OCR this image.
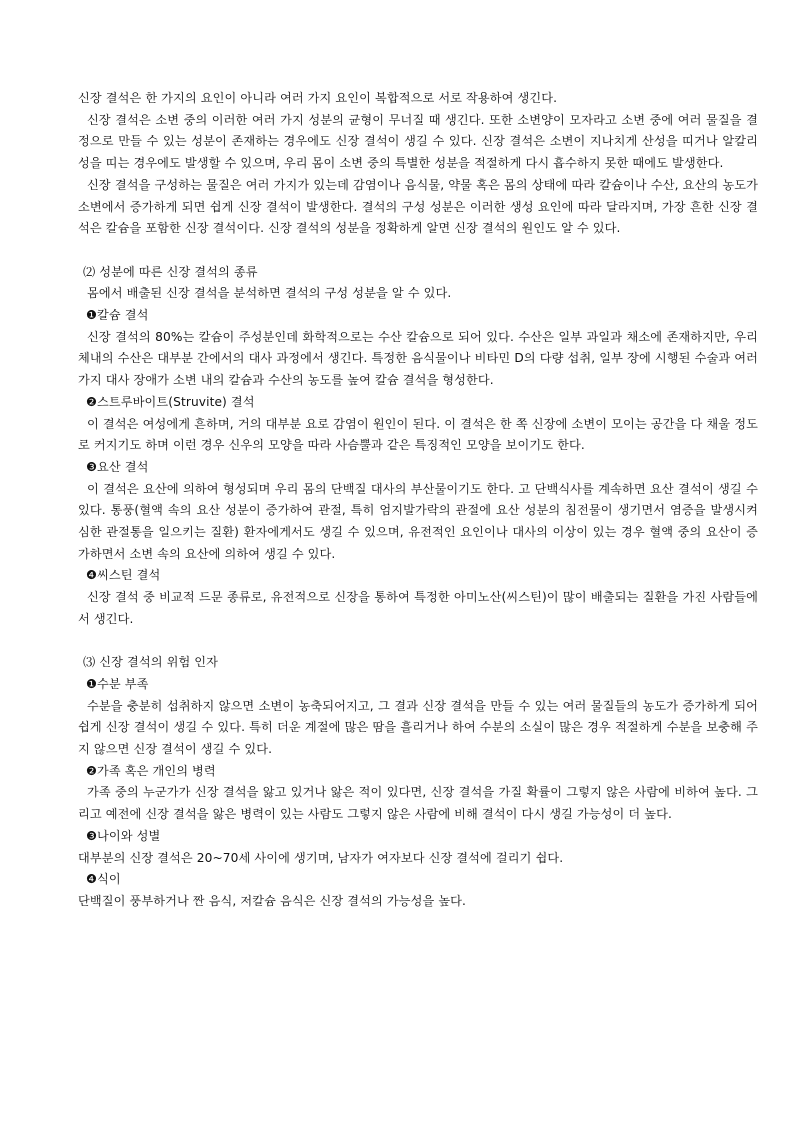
신장 결석은 한 가지의 요인이 아니라 여러 가지 요인이 복합적으로 서로 작용하여 생긴다.

신장 결석은 소변 중의 이러한 여러 가지 성분의 균형이 무너질 때 생긴다. 또한 소변양이 모자라고 소변 중에 여러 물질을 결정으로 만들 수 있는 성분이 존재하는 경우에도 신장 결석이 생길 수 있다. 신장 결석은 소변이 지나치게 산성을 띠거나 알칼리성을 띠는 경우에도 발생할 수 있으며, 우리 몸이 소변 중의 특별한 성분을 적절하게 다시 흡수하지 못한 때에도 발생한다.

신장 결석을 구성하는 물질은 여러 가지가 있는데 감염이나 음식물, 약물 혹은 몸의 상태에 따라 칼슘이나 수산, 요산의 농도가 소변에서 증가하게 되면 쉽게 신장 결석이 발생한다. 결석의 구성 성분은 이러한 생성 요인에 따라 달라지며, 가장 흔한 신장 결석은 칼슘을 포함한 신장 결석이다. 신장 결석의 성분을 정확하게 알면 신장 결석의 원인도 알 수 있다.

⑵ 성분에 따른 신장 결석의 종류

몸에서 배출된 신장 결석을 분석하면 결석의 구성 성분을 알 수 있다.

❶칼슘 결석

신장 결석의 80%는 칼슘이 주성분인데 화학적으로는 수산 칼슘으로 되어 있다. 수산은 일부 과일과 채소에 존재하지만, 우리 체내의 수산은 대부분 간에서의 대사 과정에서 생긴다. 특정한 음식물이나 비타민 D의 다량 섭취, 일부 장에 시행된 수술과 여러 가지 대사 장애가 소변 내의 칼슘과 수산의 농도를 높여 칼슘 결석을 형성한다.

❷스트루바이트(Struvite) 결석

이 결석은 여성에게 흔하며, 거의 대부분 요로 감염이 원인이 된다. 이 결석은 한 쪽 신장에 소변이 모이는 공간을 다 채울 정도로 커지기도 하며 이런 경우 신우의 모양을 따라 사슴뿔과 같은 특징적인 모양을 보이기도 한다.

❸요산 결석

이 결석은 요산에 의하여 형성되며 우리 몸의 단백질 대사의 부산물이기도 한다. 고 단백식사를 계속하면 요산 결석이 생길 수 있다. 통풍(혈액 속의 요산 성분이 증가하여 관절, 특히 엄지발가락의 관절에 요산 성분의 침전물이 생기면서 염증을 발생시켜 심한 관절통을 일으키는 질환) 환자에게서도 생길 수 있으며, 유전적인 요인이나 대사의 이상이 있는 경우 혈액 중의 요산이 증가하면서 소변 속의 요산에 의하여 생길 수 있다.

❹씨스틴 결석

신장 결석 중 비교적 드문 종류로, 유전적으로 신장을 통하여 특정한 아미노산(씨스틴)이 많이 배출되는 질환을 가진 사람들에서 생긴다.

⑶ 신장 결석의 위험 인자

❶수분 부족

수분을 충분히 섭취하지 않으면 소변이 농축되어지고, 그 결과 신장 결석을 만들 수 있는 여러 물질들의 농도가 증가하게 되어 쉽게 신장 결석이 생길 수 있다. 특히 더운 계절에 많은 땀을 흘리거나 하여 수분의 소실이 많은 경우 적절하게 수분을 보충해 주지 않으면 신장 결석이 생길 수 있다.

❷가족 혹은 개인의 병력

가족 중의 누군가가 신장 결석을 앓고 있거나 앓은 적이 있다면, 신장 결석을 가질 확률이 그렇지 않은 사람에 비하여 높다. 그리고 예전에 신장 결석을 앓은 병력이 있는 사람도 그렇지 않은 사람에 비해 결석이 다시 생길 가능성이 더 높다.

❸나이와 성별

대부분의 신장 결석은 20~70세 사이에 생기며, 남자가 여자보다 신장 결석에 걸리기 쉽다.

❹식이

단백질이 풍부하거나 짠 음식, 저칼슘 음식은 신장 결석의 가능성을 높다.
